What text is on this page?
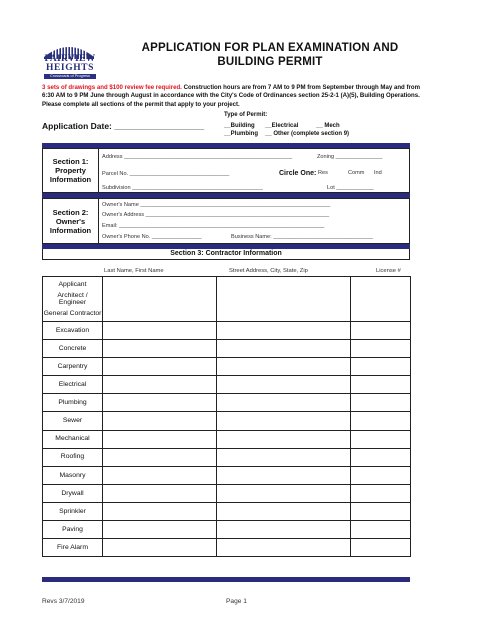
FAIRVIEW
HEIGHTS
Crossroads of Progress
APPLICATION FOR PLAN EXAMINATION AND
BUILDING PERMIT
3 sets of drawings and $100 review fee required. Construction hours are from 7 AM to 9 PM from September through May and from 6:30 AM to 9 PM June through August in accordance with the City's Code of Ordinances section 25-2-1 (A)(5), Building Operations. Please complete all sections of the permit that apply to your project.
Type of Permit:
__Building __Electrical	__ Mech
__Plumbing __ Other (complete section 9)
Application Date: ___________________
Section 1: Property Information
Address ______________________________________________________	Zoning _______________
Parcel No. ________________________________	Circle One: Res	Comm Ind
Subdivision __________________________________________	Lot ____________
Section 2: Owner's Information
Owner's Name _____________________________________________________________
Owner's Address ___________________________________________________________
Email: __________________________________________________________________
Owner's Phone No. ________________	Business Name: ________________________________
Section 3: Contractor Information
Last Name, First Name	Street Address, City, State, Zip	License #
Applicant
Architect / Engineer
General Contractor			

Excavation			

Concrete			

Carpentry			

Electrical			

Plumbing			

Sewer			

Mechanical			

Roofing			

Masonry			

Drywall			

Sprinkler			

Paving			

Fire Alarm			

Revs 3/7/2019	Page 1
